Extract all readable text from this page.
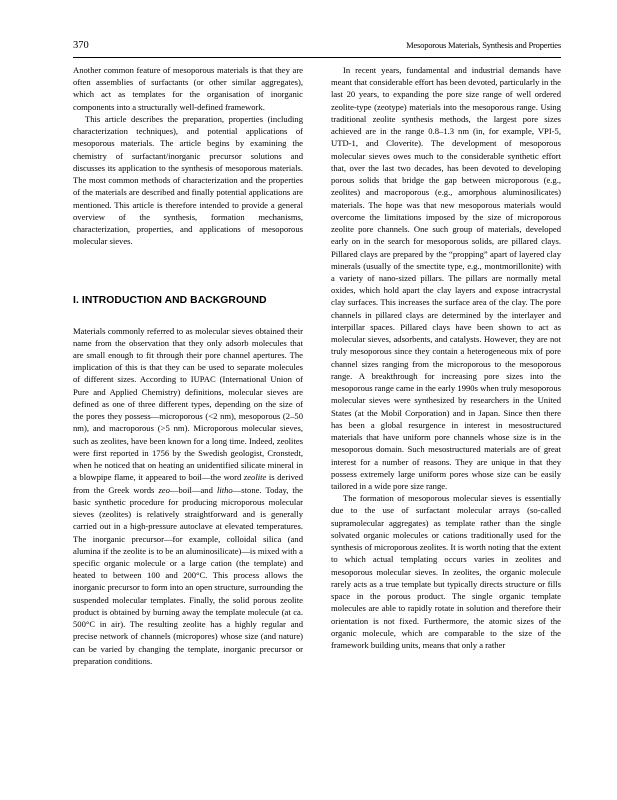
370	Mesoporous Materials, Synthesis and Properties

Another common feature of mesoporous materials is that they are often assemblies of surfactants (or other similar aggregates), which act as templates for the organisation of inorganic components into a structurally well-defined framework.

This article describes the preparation, properties (including characterization techniques), and potential applications of mesoporous materials. The article begins by examining the chemistry of surfactant/inorganic precursor solutions and discusses its application to the synthesis of mesoporous materials. The most common methods of characterization and the properties of the materials are described and finally potential applications are mentioned. This article is therefore intended to provide a general overview of the synthesis, formation mechanisms, characterization, properties, and applications of mesoporous molecular sieves.

I. INTRODUCTION AND BACKGROUND

Materials commonly referred to as molecular sieves obtained their name from the observation that they only adsorb molecules that are small enough to fit through their pore channel apertures. The implication of this is that they can be used to separate molecules of different sizes. According to IUPAC (International Union of Pure and Applied Chemistry) definitions, molecular sieves are defined as one of three different types, depending on the size of the pores they possess—microporous (<2 nm), mesoporous (2–50 nm), and macroporous (>5 nm). Microporous molecular sieves, such as zeolites, have been known for a long time. Indeed, zeolites were first reported in 1756 by the Swedish geologist, Cronstedt, when he noticed that on heating an unidentified silicate mineral in a blowpipe flame, it appeared to boil—the word zeolite is derived from the Greek words zeo—boil—and litho—stone. Today, the basic synthetic procedure for producing microporous molecular sieves (zeolites) is relatively straightforward and is generally carried out in a high-pressure autoclave at elevated temperatures. The inorganic precursor—for example, colloidal silica (and alumina if the zeolite is to be an aluminosilicate)—is mixed with a specific organic molecule or a large cation (the template) and heated to between 100 and 200°C. This process allows the inorganic precursor to form into an open structure, surrounding the suspended molecular templates. Finally, the solid porous zeolite product is obtained by burning away the template molecule (at ca. 500°C in air). The resulting zeolite has a highly regular and precise network of channels (micropores) whose size (and nature) can be varied by changing the template, inorganic precursor or preparation conditions.

In recent years, fundamental and industrial demands have meant that considerable effort has been devoted, particularly in the last 20 years, to expanding the pore size range of well ordered zeolite-type (zeotype) materials into the mesoporous range. Using traditional zeolite synthesis methods, the largest pore sizes achieved are in the range 0.8–1.3 nm (in, for example, VPI-5, UTD-1, and Cloverite). The development of mesoporous molecular sieves owes much to the considerable synthetic effort that, over the last two decades, has been devoted to developing porous solids that bridge the gap between microporous (e.g., zeolites) and macroporous (e.g., amorphous aluminosilicates) materials. The hope was that new mesoporous materials would overcome the limitations imposed by the size of microporous zeolite pore channels. One such group of materials, developed early on in the search for mesoporous solids, are pillared clays. Pillared clays are prepared by the “propping” apart of layered clay minerals (usually of the smectite type, e.g., montmorillonite) with a variety of nano-sized pillars. The pillars are normally metal oxides, which hold apart the clay layers and expose intracrystal clay surfaces. This increases the surface area of the clay. The pore channels in pillared clays are determined by the interlayer and interpillar spaces. Pillared clays have been shown to act as molecular sieves, adsorbents, and catalysts. However, they are not truly mesoporous since they contain a heterogeneous mix of pore channel sizes ranging from the microporous to the mesoporous range. A breakthrough for increasing pore sizes into the mesoporous range came in the early 1990s when truly mesoporous molecular sieves were synthesized by researchers in the United States (at the Mobil Corporation) and in Japan. Since then there has been a global resurgence in interest in mesostructured materials that have uniform pore channels whose size is in the mesoporous domain. Such mesostructured materials are of great interest for a number of reasons. They are unique in that they possess extremely large uniform pores whose size can be easily tailored in a wide pore size range.

The formation of mesoporous molecular sieves is essentially due to the use of surfactant molecular arrays (so-called supramolecular aggregates) as template rather than the single solvated organic molecules or cations traditionally used for the synthesis of microporous zeolites. It is worth noting that the extent to which actual templating occurs varies in zeolites and mesoporous molecular sieves. In zeolites, the organic molecule rarely acts as a true template but typically directs structure or fills space in the porous product. The single organic template molecules are able to rapidly rotate in solution and therefore their orientation is not fixed. Furthermore, the atomic sizes of the organic molecule, which are comparable to the size of the framework building units, means that only a rather
